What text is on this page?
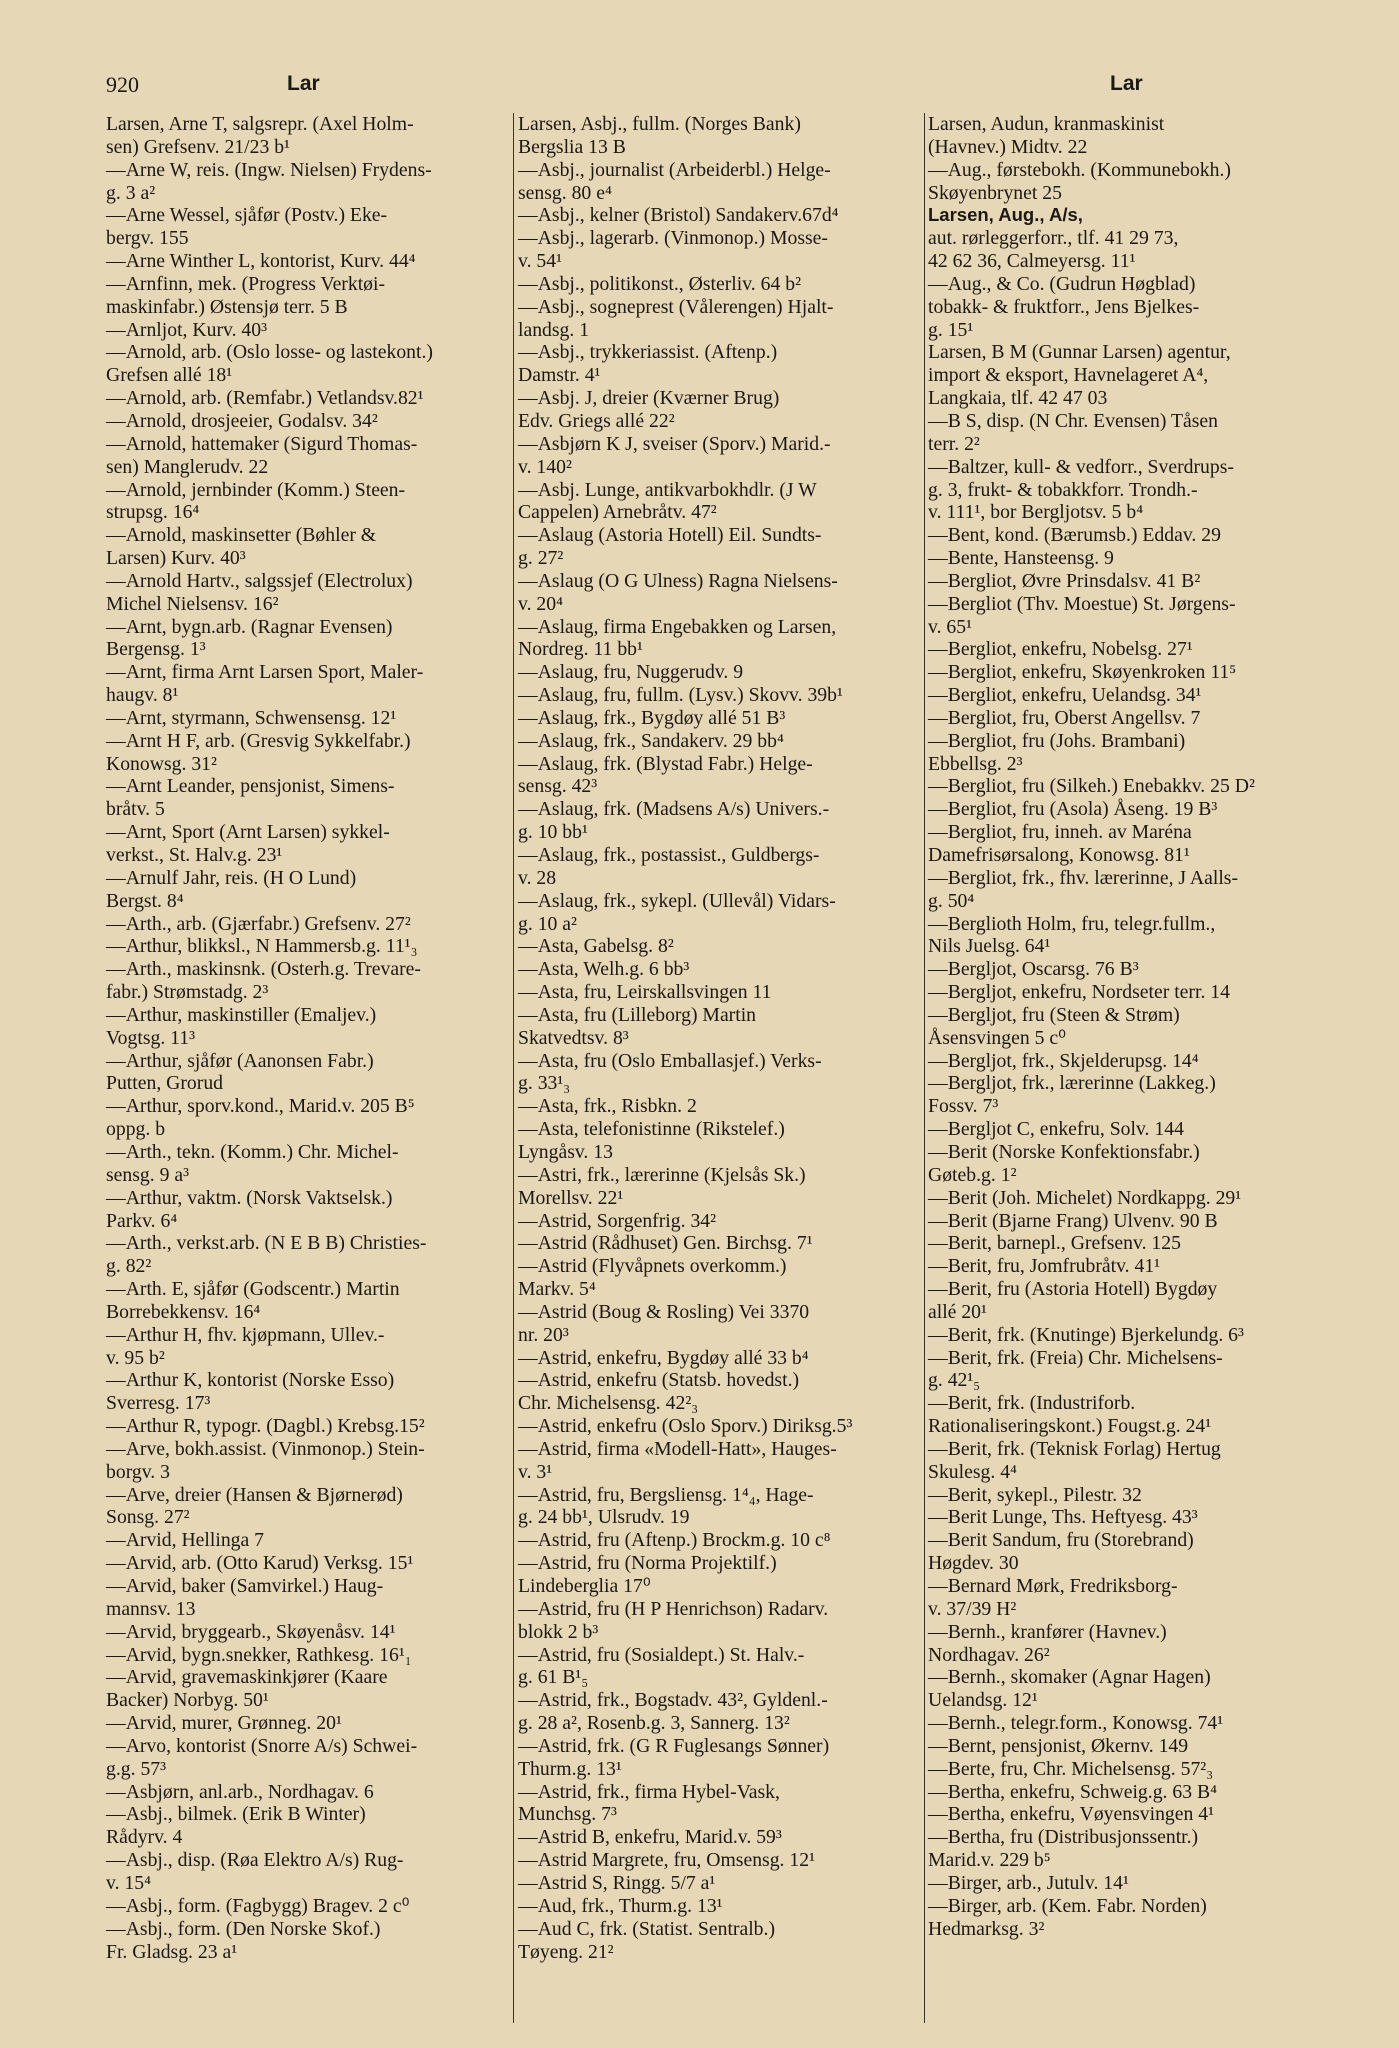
920	Lar	Lar
Larsen, Arne T, salgsrepr. (Axel Holm-
sen) Grefsenv. 21/23 b¹
—Arne W, reis. (Ingw. Nielsen) Frydens-
g. 3 a²
—Arne Wessel, sjåfør (Postv.) Eke-
bergv. 155
—Arne Winther L, kontorist, Kurv. 44⁴
—Arnfinn, mek. (Progress Verktøi-
maskinfabr.) Østensjø terr. 5 B
—Arnljot, Kurv. 40³
—Arnold, arb. (Oslo losse- og lastekont.)
Grefsen allé 18¹
—Arnold, arb. (Remfabr.) Vetlandsv.82¹
—Arnold, drosjeeier, Godalsv. 34²
—Arnold, hattemaker (Sigurd Thomas-
sen) Manglerudv. 22
—Arnold, jernbinder (Komm.) Steen-
strupsg. 16⁴
—Arnold, maskinsetter (Bøhler &
Larsen) Kurv. 40³
—Arnold Hartv., salgssjef (Electrolux)
Michel Nielsensv. 16²
—Arnt, bygn.arb. (Ragnar Evensen)
Bergensg. 1³
—Arnt, firma Arnt Larsen Sport, Maler-
haugv. 8¹
—Arnt, styrmann, Schwensensg. 12¹
—Arnt H F, arb. (Gresvig Sykkelfabr.)
Konowsg. 31²
—Arnt Leander, pensjonist, Simens-
bråtv. 5
—Arnt, Sport (Arnt Larsen) sykkel-
verkst., St. Halv.g. 23¹
—Arnulf Jahr, reis. (H O Lund)
Bergst. 8⁴
—Arth., arb. (Gjærfabr.) Grefsenv. 27²
—Arthur, blikksl., N Hammersb.g. 11¹₃
—Arth., maskinsnk. (Osterh.g. Trevare-
fabr.) Strømstadg. 2³
—Arthur, maskinstiller (Emaljev.)
Vogtsg. 11³
—Arthur, sjåfør (Aanonsen Fabr.)
Putten, Grorud
—Arthur, sporv.kond., Marid.v. 205 B⁵
oppg. b
—Arth., tekn. (Komm.) Chr. Michel-
sensg. 9 a³
—Arthur, vaktm. (Norsk Vaktselsk.)
Parkv. 6⁴
—Arth., verkst.arb. (N E B B) Christies-
g. 82²
—Arth. E, sjåfør (Godscentr.) Martin
Borrebekkensv. 16⁴
—Arthur H, fhv. kjøpmann, Ullev.-
v. 95 b²
—Arthur K, kontorist (Norske Esso)
Sverresg. 17³
—Arthur R, typogr. (Dagbl.) Krebsg.15²
—Arve, bokh.assist. (Vinmonop.) Stein-
borgv. 3
—Arve, dreier (Hansen & Bjørnerød)
Sonsg. 27²
—Arvid, Hellinga 7
—Arvid, arb. (Otto Karud) Verksg. 15¹
—Arvid, baker (Samvirkel.) Haug-
mannsv. 13
—Arvid, bryggearb., Skøyenåsv. 14¹
—Arvid, bygn.snekker, Rathkesg. 16¹₁
—Arvid, gravemaskinkjører (Kaare
Backer) Norbyg. 50¹
—Arvid, murer, Grønneg. 20¹
—Arvo, kontorist (Snorre A/s) Schwei-
g.g. 57³
—Asbjørn, anl.arb., Nordhagav. 6
—Asbj., bilmek. (Erik B Winter)
Rådyrv. 4
—Asbj., disp. (Røa Elektro A/s) Rug-
v. 15⁴
—Asbj., form. (Fagbygg) Bragev. 2 c⁰
—Asbj., form. (Den Norske Skof.)
Fr. Gladsg. 23 a¹
Larsen, Asbj., fullm. (Norges Bank)
Bergslia 13 B
—Asbj., journalist (Arbeiderbl.) Helge-
sensg. 80 e⁴
—Asbj., kelner (Bristol) Sandakerv.67d⁴
—Asbj., lagerarb. (Vinmonop.) Mosse-
v. 54¹
—Asbj., politikonst., Østerliv. 64 b²
—Asbj., sogneprest (Vålerengen) Hjalt-
landsg. 1
—Asbj., trykkeriassist. (Aftenp.)
Damstr. 4¹
—Asbj. J, dreier (Kværner Brug)
Edv. Griegs allé 22²
—Asbjørn K J, sveiser (Sporv.) Marid.-
v. 140²
—Asbj. Lunge, antikvarbokhdlr. (J W
Cappelen) Arnebråtv. 47²
—Aslaug (Astoria Hotell) Eil. Sundts-
g. 27²
—Aslaug (O G Ulness) Ragna Nielsens-
v. 20⁴
—Aslaug, firma Engebakken og Larsen,
Nordreg. 11 bb¹
—Aslaug, fru, Nuggerudv. 9
—Aslaug, fru, fullm. (Lysv.) Skovv. 39b¹
—Aslaug, frk., Bygdøy allé 51 B³
—Aslaug, frk., Sandakerv. 29 bb⁴
—Aslaug, frk. (Blystad Fabr.) Helge-
sensg. 42³
—Aslaug, frk. (Madsens A/s) Univers.-
g. 10 bb¹
—Aslaug, frk., postassist., Guldbergs-
v. 28
—Aslaug, frk., sykepl. (Ullevål) Vidars-
g. 10 a²
—Asta, Gabelsg. 8²
—Asta, Welh.g. 6 bb³
—Asta, fru, Leirskallsvingen 11
—Asta, fru (Lilleborg) Martin
Skatvedtsv. 8³
—Asta, fru (Oslo Emballasjef.) Verks-
g. 33¹₃
—Asta, frk., Risbkn. 2
—Asta, telefonistinne (Rikstelef.)
Lyngåsv. 13
—Astri, frk., lærerinne (Kjelsås Sk.)
Morellsv. 22¹
—Astrid, Sorgenfrig. 34²
—Astrid (Rådhuset) Gen. Birchsg. 7¹
—Astrid (Flyvåpnets overkomm.)
Markv. 5⁴
—Astrid (Boug & Rosling) Vei 3370
nr. 20³
—Astrid, enkefru, Bygdøy allé 33 b⁴
—Astrid, enkefru (Statsb. hovedst.)
Chr. Michelsensg. 42²₃
—Astrid, enkefru (Oslo Sporv.) Diriksg.5³
—Astrid, firma «Modell-Hatt», Hauges-
v. 3¹
—Astrid, fru, Bergsliensg. 1⁴₄, Hage-
g. 24 bb¹, Ulsrudv. 19
—Astrid, fru (Aftenp.) Brockm.g. 10 c⁸
—Astrid, fru (Norma Projektilf.)
Lindeberglia 17⁰
—Astrid, fru (H P Henrichson) Radarv.
blokk 2 b³
—Astrid, fru (Sosialdept.) St. Halv.-
g. 61 B¹₅
—Astrid, frk., Bogstadv. 43², Gyldenl.-
g. 28 a², Rosenb.g. 3, Sannerg. 13²
—Astrid, frk. (G R Fuglesangs Sønner)
Thurm.g. 13¹
—Astrid, frk., firma Hybel-Vask,
Munchsg. 7³
—Astrid B, enkefru, Marid.v. 59³
—Astrid Margrete, fru, Omsensg. 12¹
—Astrid S, Ringg. 5/7 a¹
—Aud, frk., Thurm.g. 13¹
—Aud C, frk. (Statist. Sentralb.)
Tøyeng. 21²
Larsen, Audun, kranmaskinist
(Havnev.) Midtv. 22
—Aug., førstebokh. (Kommunebokh.)
Skøyenbrynet 25
Larsen, Aug., A/s,
aut. rørleggerforr., tlf. 41 29 73,
42 62 36, Calmeyersg. 11¹
—Aug., & Co. (Gudrun Høgblad)
tobakk- & fruktforr., Jens Bjelkes-
g. 15¹
Larsen, B M (Gunnar Larsen) agentur,
import & eksport, Havnelageret A⁴,
Langkaia, tlf. 42 47 03
—B S, disp. (N Chr. Evensen) Tåsen
terr. 2²
—Baltzer, kull- & vedforr., Sverdrups-
g. 3, frukt- & tobakkforr. Trondh.-
v. 111¹, bor Bergljotsv. 5 b⁴
—Bent, kond. (Bærumsb.) Eddav. 29
—Bente, Hansteensg. 9
—Bergliot, Øvre Prinsdalsv. 41 B²
—Bergliot (Thv. Moestue) St. Jørgens-
v. 65¹
—Bergliot, enkefru, Nobelsg. 27¹
—Bergliot, enkefru, Skøyenkroken 11⁵
—Bergliot, enkefru, Uelandsg. 34¹
—Bergliot, fru, Oberst Angellsv. 7
—Bergliot, fru (Johs. Brambani)
Ebbellsg. 2³
—Bergliot, fru (Silkeh.) Enebakkv. 25 D²
—Bergliot, fru (Asola) Åseng. 19 B³
—Bergliot, fru, inneh. av Maréna
Damefrisørsalong, Konowsg. 81¹
—Bergliot, frk., fhv. lærerinne, J Aalls-
g. 50⁴
—Berglioth Holm, fru, telegr.fullm.,
Nils Juelsg. 64¹
—Bergljot, Oscarsg. 76 B³
—Bergljot, enkefru, Nordseter terr. 14
—Bergljot, fru (Steen & Strøm)
Åsensvingen 5 c⁰
—Bergljot, frk., Skjelderupsg. 14⁴
—Bergljot, frk., lærerinne (Lakkeg.)
Fossv. 7³
—Bergljot C, enkefru, Solv. 144
—Berit (Norske Konfektionsfabr.)
Gøteb.g. 1²
—Berit (Joh. Michelet) Nordkappg. 29¹
—Berit (Bjarne Frang) Ulvenv. 90 B
—Berit, barnepl., Grefsenv. 125
—Berit, fru, Jomfrubråtv. 41¹
—Berit, fru (Astoria Hotell) Bygdøy
allé 20¹
—Berit, frk. (Knutinge) Bjerkelundg. 6³
—Berit, frk. (Freia) Chr. Michelsens-
g. 42¹₅
—Berit, frk. (Industriforb.
Rationaliseringskont.) Fougst.g. 24¹
—Berit, frk. (Teknisk Forlag) Hertug
Skulesg. 4⁴
—Berit, sykepl., Pilestr. 32
—Berit Lunge, Ths. Heftyesg. 43³
—Berit Sandum, fru (Storebrand)
Høgdev. 30
—Bernard Mørk, Fredriksborg-
v. 37/39 H²
—Bernh., kranfører (Havnev.)
Nordhagav. 26²
—Bernh., skomaker (Agnar Hagen)
Uelandsg. 12¹
—Bernh., telegr.form., Konowsg. 74¹
—Bernt, pensjonist, Økernv. 149
—Berte, fru, Chr. Michelsensg. 57²₃
—Bertha, enkefru, Schweig.g. 63 B⁴
—Bertha, enkefru, Vøyensvingen 4¹
—Bertha, fru (Distribusjonssentr.)
Marid.v. 229 b⁵
—Birger, arb., Jutulv. 14¹
—Birger, arb. (Kem. Fabr. Norden)
Hedmarksg. 3²
